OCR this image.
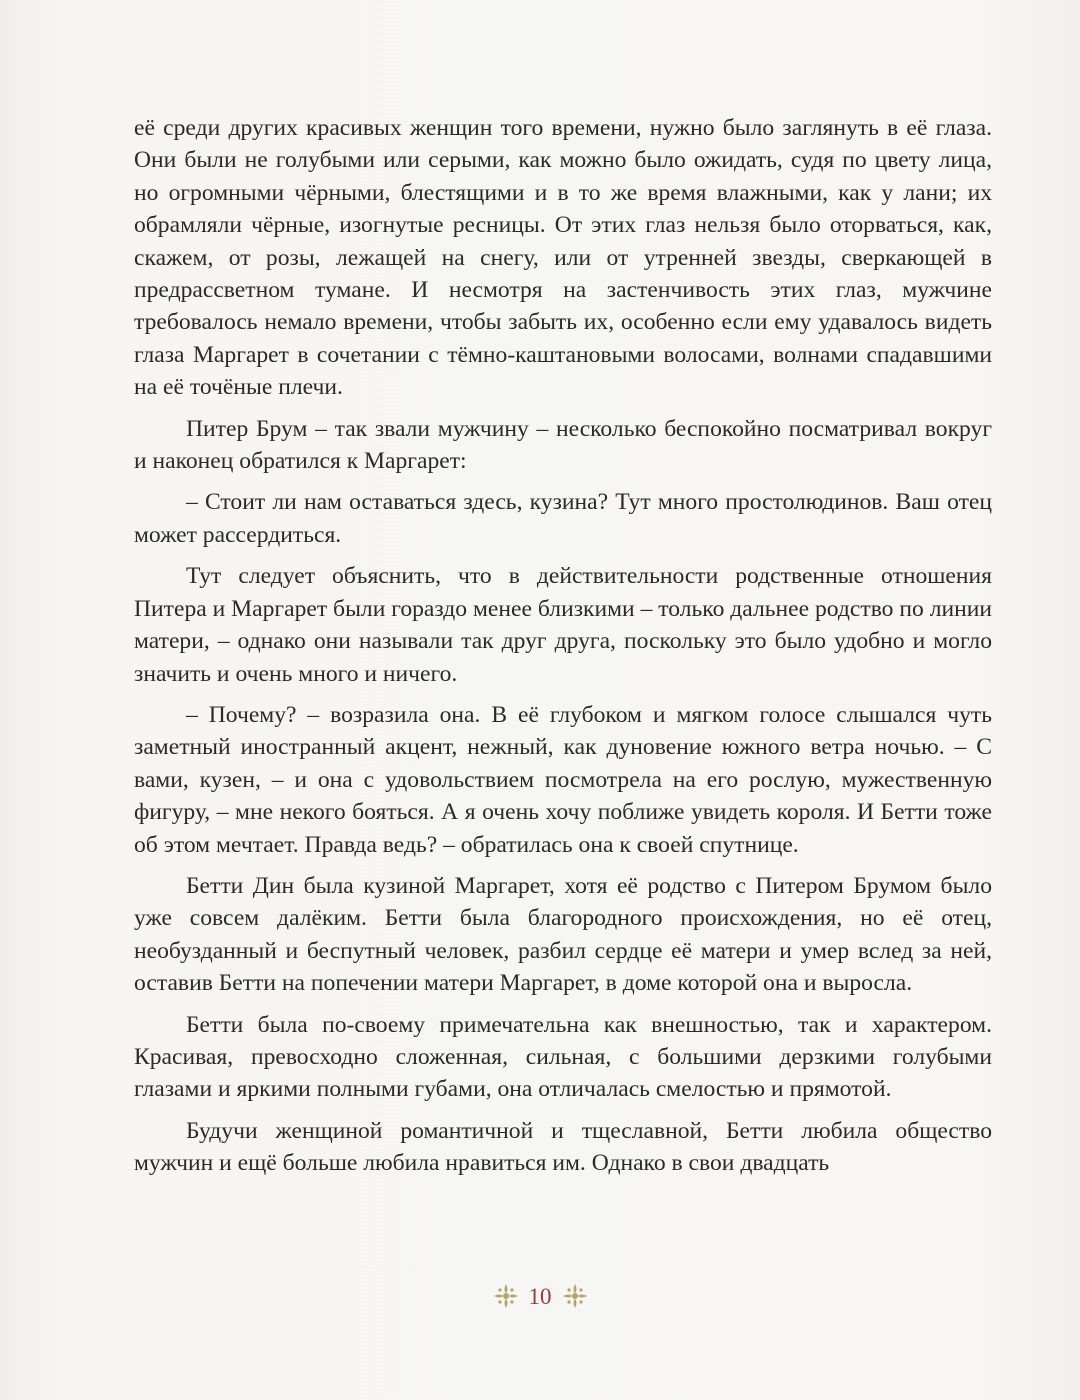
её среди других красивых женщин того времени, нужно было заглянуть в её глаза. Они были не голубыми или серыми, как можно было ожидать, судя по цвету лица, но огромными чёрными, блестящими и в то же время влажными, как у лани; их обрамляли чёрные, изогнутые ресницы. От этих глаз нельзя было оторваться, как, скажем, от розы, лежащей на снегу, или от утренней звезды, сверкающей в предрассветном тумане. И несмотря на застенчивость этих глаз, мужчине требовалось немало времени, чтобы забыть их, особенно если ему удавалось видеть глаза Маргарет в сочетании с тёмно-каштановыми волосами, волнами спадавшими на её точёные плечи.

Питер Брум – так звали мужчину – несколько беспокойно посматривал вокруг и наконец обратился к Маргарет:

– Стоит ли нам оставаться здесь, кузина? Тут много простолюдинов. Ваш отец может рассердиться.

Тут следует объяснить, что в действительности родственные отношения Питера и Маргарет были гораздо менее близкими – только дальнее родство по линии матери, – однако они называли так друг друга, поскольку это было удобно и могло значить и очень много и ничего.

– Почему? – возразила она. В её глубоком и мягком голосе слышался чуть заметный иностранный акцент, нежный, как дуновение южного ветра ночью. – С вами, кузен, – и она с удовольствием посмотрела на его рослую, мужественную фигуру, – мне некого бояться. А я очень хочу поближе увидеть короля. И Бетти тоже об этом мечтает. Правда ведь? – обратилась она к своей спутнице.

Бетти Дин была кузиной Маргарет, хотя её родство с Питером Брумом было уже совсем далёким. Бетти была благородного происхождения, но её отец, необузданный и беспутный человек, разбил сердце её матери и умер вслед за ней, оставив Бетти на попечении матери Маргарет, в доме которой она и выросла.

Бетти была по-своему примечательна как внешностью, так и характером. Красивая, превосходно сложенная, сильная, с большими дерзкими голубыми глазами и яркими полными губами, она отличалась смелостью и прямотой.

Будучи женщиной романтичной и тщеславной, Бетти любила общество мужчин и ещё больше любила нравиться им. Однако в свои двадцать

10
